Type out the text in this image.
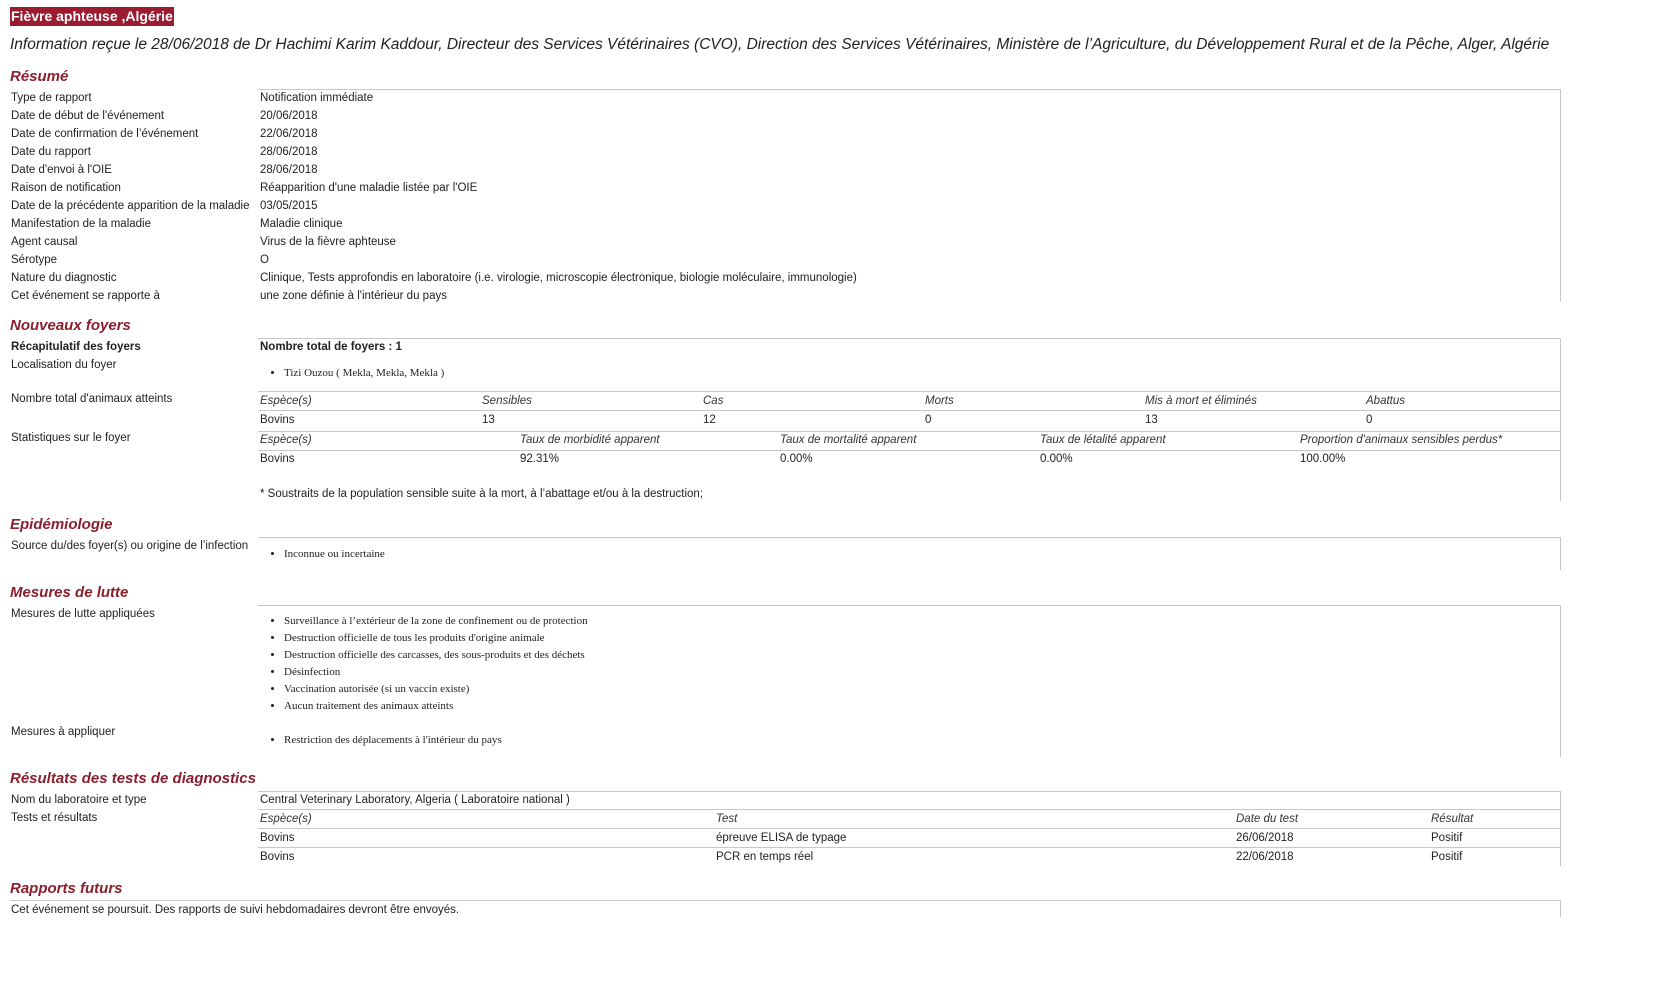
Fièvre aphteuse ,Algérie
Information reçue le 28/06/2018 de Dr Hachimi Karim Kaddour, Directeur des Services Vétérinaires (CVO), Direction des Services Vétérinaires, Ministère de l’Agriculture, du Développement Rural et de la Pêche, Alger, Algérie
Résumé
Type de rapport	Notification immédiate
Date de début de l'événement	20/06/2018
Date de confirmation de l’événement	22/06/2018
Date du rapport	28/06/2018
Date d'envoi à l'OIE	28/06/2018
Raison de notification	Réapparition d'une maladie listée par l'OIE
Date de la précédente apparition de la maladie 03/05/2015
Manifestation de la maladie	Maladie clinique
Agent causal	Virus de la fièvre aphteuse
Sérotype	O
Nature du diagnostic	Clinique, Tests approfondis en laboratoire (i.e. virologie, microscopie électronique, biologie moléculaire, immunologie)
Cet événement se rapporte à	une zone définie à l'intérieur du pays
Nouveaux foyers
Récapitulatif des foyers	Nombre total de foyers : 1
Localisation du foyer
• Tizi Ouzou ( Mekla, Mekla, Mekla )
Nombre total d'animaux atteints	Espèce(s)	Sensibles	Cas	Morts	Mis à mort et éliminés	Abattus
Bovins	13	12	0	13	0
Statistiques sur le foyer	Espèce(s)	Taux de morbidité apparent	Taux de mortalité apparent	Taux de létalité apparent	Proportion d'animaux sensibles perdus*
Bovins	92.31%	0.00%	0.00%	100.00%
* Soustraits de la population sensible suite à la mort, à l’abattage et/ou à la destruction;
Epidémiologie
Source du/des foyer(s) ou origine de l’infection
• Inconnue ou incertaine
Mesures de lutte
Mesures de lutte appliquées
• Surveillance à l’extérieur de la zone de confinement ou de protection
• Destruction officielle de tous les produits d'origine animale
• Destruction officielle des carcasses, des sous-produits et des déchets
• Désinfection
• Vaccination autorisée (si un vaccin existe)
• Aucun traitement des animaux atteints
Mesures à appliquer
• Restriction des déplacements à l'intérieur du pays
Résultats des tests de diagnostics
Nom du laboratoire et type	Central Veterinary Laboratory, Algeria ( Laboratoire national )
Tests et résultats	Espèce(s)	Test	Date du test	Résultat
Bovins	épreuve ELISA de typage	26/06/2018	Positif
Bovins	PCR en temps réel	22/06/2018	Positif
Rapports futurs
Cet événement se poursuit. Des rapports de suivi hebdomadaires devront être envoyés.
